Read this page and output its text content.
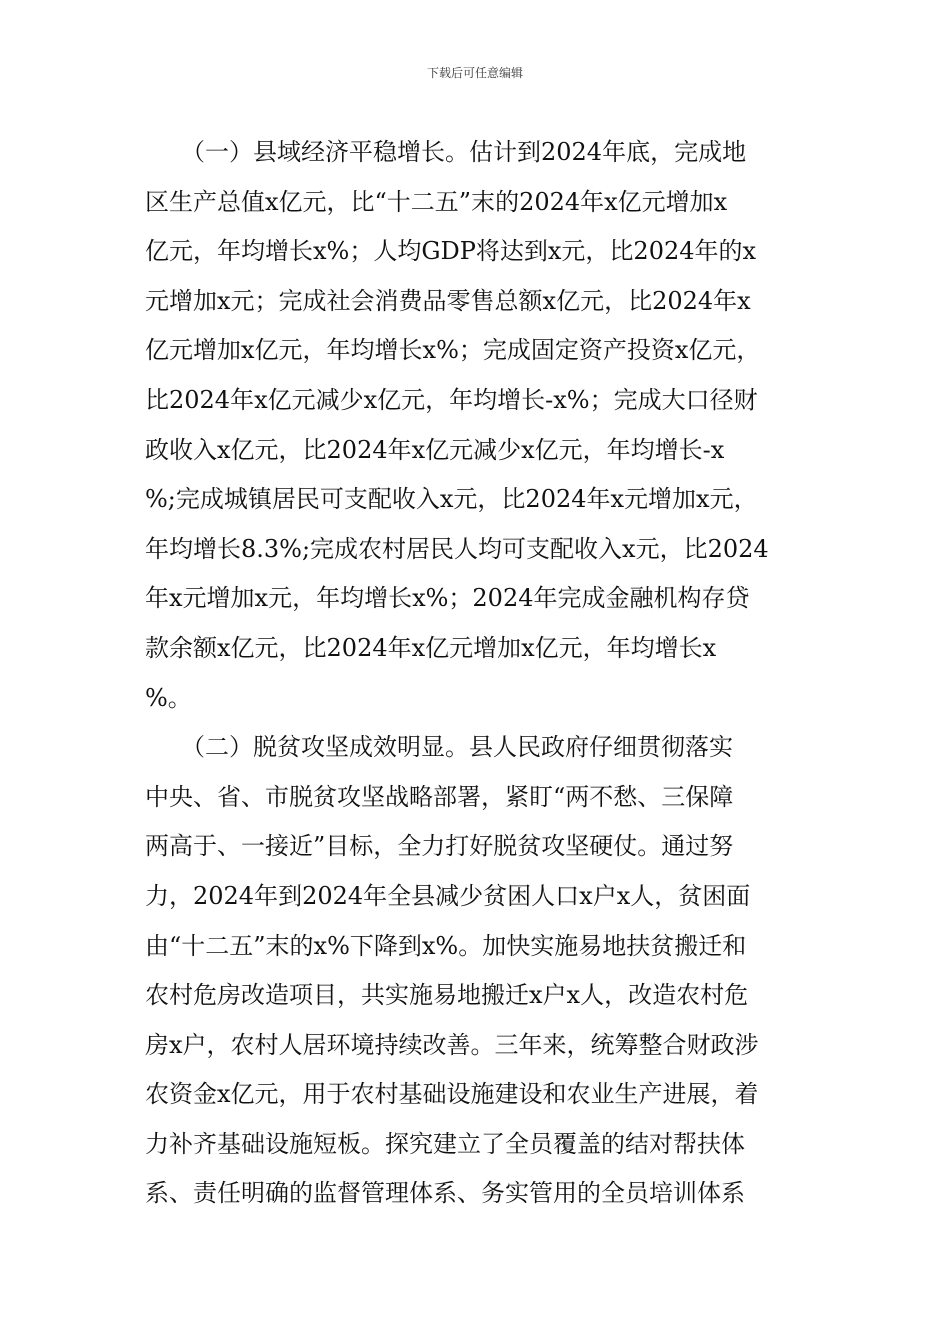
下载后可任意编辑
　　（一）县域经济平稳增长。估计到2024年底，完成地
区生产总值x亿元，比“十二五”末的2024年x亿元增加x
亿元，年均增长x%；人均GDP将达到x元，比2024年的x
元增加x元；完成社会消费品零售总额x亿元，比2024年x
亿元增加x亿元，年均增长x%；完成固定资产投资x亿元，
比2024年x亿元减少x亿元，年均增长-x%；完成大口径财
政收入x亿元，比2024年x亿元减少x亿元，年均增长-x
%;完成城镇居民可支配收入x元，比2024年x元增加x元，
年均增长8.3%;完成农村居民人均可支配收入x元，比2024
年x元增加x元，年均增长x%；2024年完成金融机构存贷
款余额x亿元，比2024年x亿元增加x亿元，年均增长x
%。
　　（二）脱贫攻坚成效明显。县人民政府仔细贯彻落实
中央、省、市脱贫攻坚战略部署，紧盯“两不愁、三保障
两高于、一接近”目标，全力打好脱贫攻坚硬仗。通过努
力，2024年到2024年全县减少贫困人口x户x人，贫困面
由“十二五”末的x%下降到x%。加快实施易地扶贫搬迁和
农村危房改造项目，共实施易地搬迁x户x人，改造农村危
房x户，农村人居环境持续改善。三年来，统筹整合财政涉
农资金x亿元，用于农村基础设施建设和农业生产进展，着
力补齐基础设施短板。探究建立了全员覆盖的结对帮扶体
系、责任明确的监督管理体系、务实管用的全员培训体系
